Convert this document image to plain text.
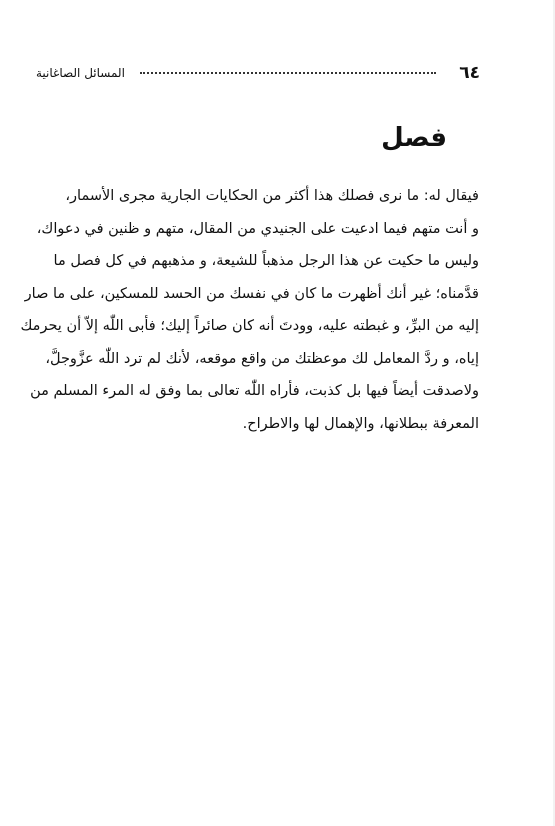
٦٤
المسائل الصاغانية
فصل
فيقال له: ما نرى فصلك هذا أكثر من الحكايات الجارية مجرى الأسمار،
و أنت متهم فيما ادعيت على الجنيدي من المقال، متهم و ظنين في دعواك،
وليس ما حكيت عن هذا الرجل مذهباً للشيعة، و مذهبهم في كل فصل ما
قدَّمناه؛ غير أنك أظهرت ما كان في نفسك من الحسد للمسكين، على ما صار
إليه من البرِّ، و غبطته عليه، وودتَ أنه كان صائراً إليك؛ فأبى اللّٰه إلاّ أن يحرمك
إياه، و ردَّ المعامل لك موعظتك من واقع موقعه، لأنك لم ترد اللّٰه عزَّوجلَّ،
ولاصدقت أيضاً فيها بل كذبت، فأراه اللّٰه تعالى بما وفق له المرء المسلم من
المعرفة ببطلانها، والإهمال لها والاطراح.
